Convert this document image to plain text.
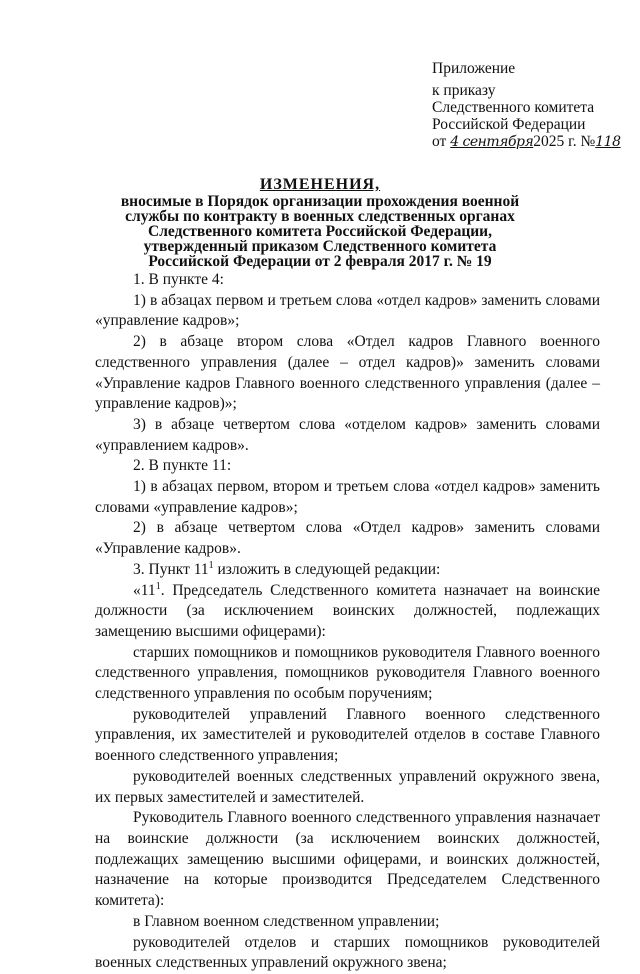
Приложение
к приказу
Следственного комитета
Российской Федерации
от 4 сентября2025 г. №118
ИЗМЕНЕНИЯ,
вносимые в Порядок организации прохождения военной
службы по контракту в военных следственных органах
Следственного комитета Российской Федерации,
утвержденный приказом Следственного комитета
Российской Федерации от 2 февраля 2017 г. № 19

1. В пункте 4:

1) в абзацах первом и третьем слова «отдел кадров» заменить словами «управление кадров»;

2) в абзаце втором слова «Отдел кадров Главного военного следственного управления (далее – отдел кадров)» заменить словами «Управление кадров Главного военного следственного управления (далее – управление кадров)»;

3) в абзаце четвертом слова «отделом кадров» заменить словами «управлением кадров».

2. В пункте 11:

1) в абзацах первом, втором и третьем слова «отдел кадров» заменить словами «управление кадров»;

2) в абзаце четвертом слова «Отдел кадров» заменить словами «Управление кадров».

3. Пункт $11^1$ изложить в следующей редакции:

«$11^1$. Председатель Следственного комитета назначает на воинские должности (за исключением воинских должностей, подлежащих замещению высшими офицерами):

старших помощников и помощников руководителя Главного военного следственного управления, помощников руководителя Главного военного следственного управления по особым поручениям;

руководителей управлений Главного военного следственного управления, их заместителей и руководителей отделов в составе Главного военного следственного управления;

руководителей военных следственных управлений окружного звена, их первых заместителей и заместителей.

Руководитель Главного военного следственного управления назначает на воинские должности (за исключением воинских должностей, подлежащих замещению высшими офицерами, и воинских должностей, назначение на которые производится Председателем Следственного комитета):

в Главном военном следственном управлении;

руководителей отделов и старших помощников руководителей военных следственных управлений окружного звена;
